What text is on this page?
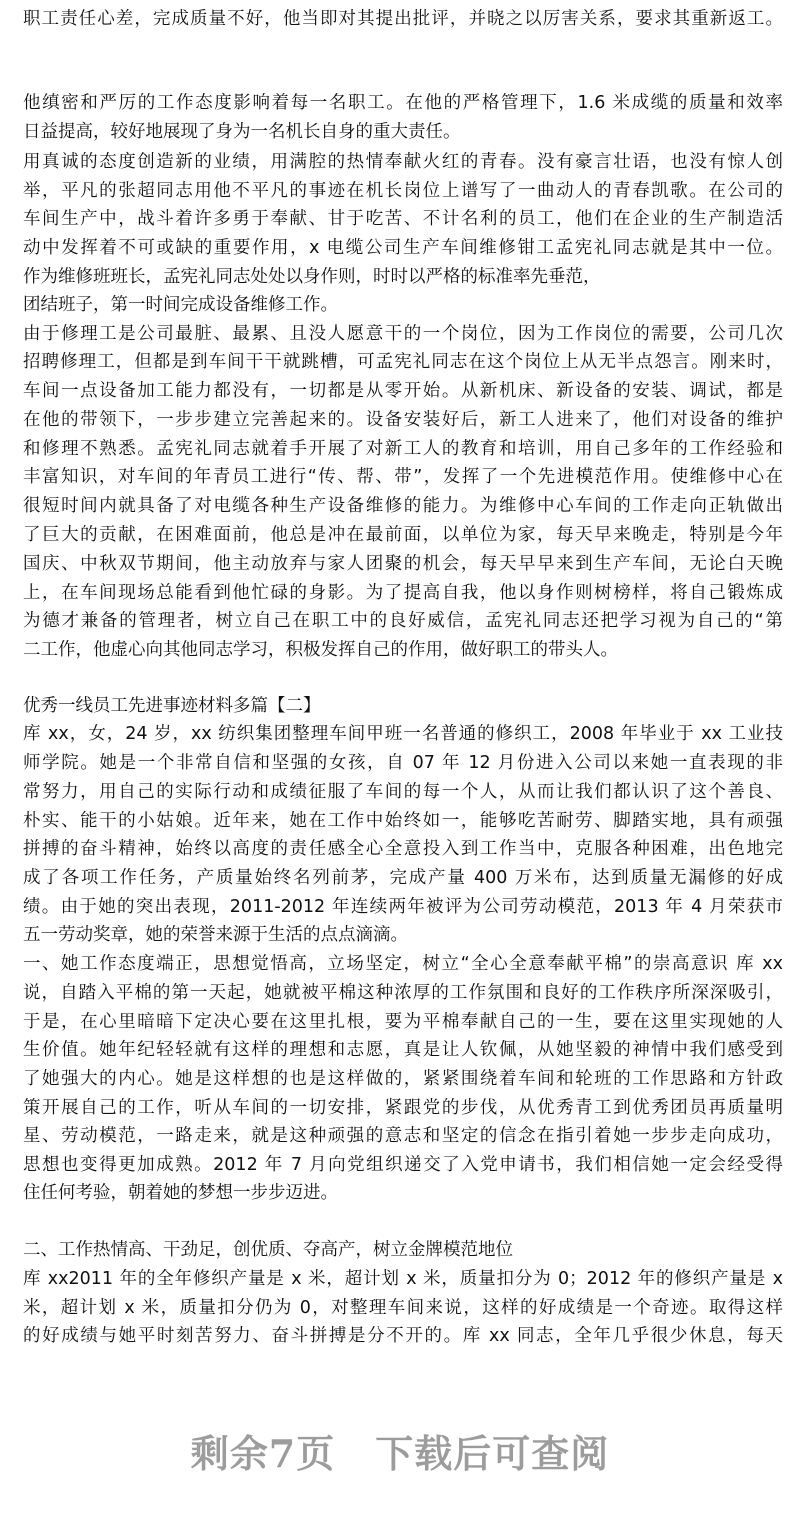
职工责任心差，完成质量不好，他当即对其提出批评，并晓之以厉害关系，要求其重新返工。
他缜密和严厉的工作态度影响着每一名职工。在他的严格管理下，1.6 米成缆的质量和效率
日益提高，较好地展现了身为一名机长自身的重大责任。
用真诚的态度创造新的业绩，用满腔的热情奉献火红的青春。没有豪言壮语，也没有惊人创
举，平凡的张超同志用他不平凡的事迹在机长岗位上谱写了一曲动人的青春凯歌。在公司的
车间生产中，战斗着许多勇于奉献、甘于吃苦、不计名利的员工，他们在企业的生产制造活
动中发挥着不可或缺的重要作用，x 电缆公司生产车间维修钳工孟宪礼同志就是其中一位。
作为维修班班长，孟宪礼同志处处以身作则，时时以严格的标准率先垂范，
团结班子，第一时间完成设备维修工作。
由于修理工是公司最脏、最累、且没人愿意干的一个岗位，因为工作岗位的需要，公司几次
招聘修理工，但都是到车间干干就跳槽，可孟宪礼同志在这个岗位上从无半点怨言。刚来时，
车间一点设备加工能力都没有，一切都是从零开始。从新机床、新设备的安装、调试，都是
在他的带领下，一步步建立完善起来的。设备安装好后，新工人进来了，他们对设备的维护
和修理不熟悉。孟宪礼同志就着手开展了对新工人的教育和培训，用自己多年的工作经验和
丰富知识，对车间的年青员工进行“传、帮、带”，发挥了一个先进模范作用。使维修中心在
很短时间内就具备了对电缆各种生产设备维修的能力。为维修中心车间的工作走向正轨做出
了巨大的贡献，在困难面前，他总是冲在最前面，以单位为家，每天早来晚走，特别是今年
国庆、中秋双节期间，他主动放弃与家人团聚的机会，每天早早来到生产车间，无论白天晚
上，在车间现场总能看到他忙碌的身影。为了提高自我，他以身作则树榜样，将自己锻炼成
为德才兼备的管理者，树立自己在职工中的良好威信，孟宪礼同志还把学习视为自己的“第
二工作，他虚心向其他同志学习，积极发挥自己的作用，做好职工的带头人。
优秀一线员工先进事迹材料多篇【二】
库 xx，女，24 岁，xx 纺织集团整理车间甲班一名普通的修织工，2008 年毕业于 xx 工业技
师学院。她是一个非常自信和坚强的女孩，自 07 年 12 月份进入公司以来她一直表现的非
常努力，用自己的实际行动和成绩征服了车间的每一个人，从而让我们都认识了这个善良、
朴实、能干的小姑娘。近年来，她在工作中始终如一，能够吃苦耐劳、脚踏实地，具有顽强
拼搏的奋斗精神，始终以高度的责任感全心全意投入到工作当中，克服各种困难，出色地完
成了各项工作任务，产质量始终名列前茅，完成产量 400 万米布，达到质量无漏修的好成
绩。由于她的突出表现，2011-2012 年连续两年被评为公司劳动模范，2013 年 4 月荣获市
五一劳动奖章，她的荣誉来源于生活的点点滴滴。
一、她工作态度端正，思想觉悟高，立场坚定，树立“全心全意奉献平棉”的崇高意识 库 xx
说，自踏入平棉的第一天起，她就被平棉这种浓厚的工作氛围和良好的工作秩序所深深吸引，
于是，在心里暗暗下定决心要在这里扎根，要为平棉奉献自己的一生，要在这里实现她的人
生价值。她年纪轻轻就有这样的理想和志愿，真是让人钦佩，从她坚毅的神情中我们感受到
了她强大的内心。她是这样想的也是这样做的，紧紧围绕着车间和轮班的工作思路和方针政
策开展自己的工作，听从车间的一切安排，紧跟党的步伐，从优秀青工到优秀团员再质量明
星、劳动模范，一路走来，就是这种顽强的意志和坚定的信念在指引着她一步步走向成功，
思想也变得更加成熟。2012 年 7 月向党组织递交了入党申请书，我们相信她一定会经受得
住任何考验，朝着她的梦想一步步迈进。
二、工作热情高、干劲足，创优质、夺高产，树立金牌模范地位
库 xx2011 年的全年修织产量是 x 米，超计划 x 米，质量扣分为 0；2012 年的修织产量是 x
米，超计划 x 米，质量扣分仍为 0，对整理车间来说，这样的好成绩是一个奇迹。取得这样
的好成绩与她平时刻苦努力、奋斗拼搏是分不开的。库 xx 同志，全年几乎很少休息，每天
剩余7页 下载后可查阅
